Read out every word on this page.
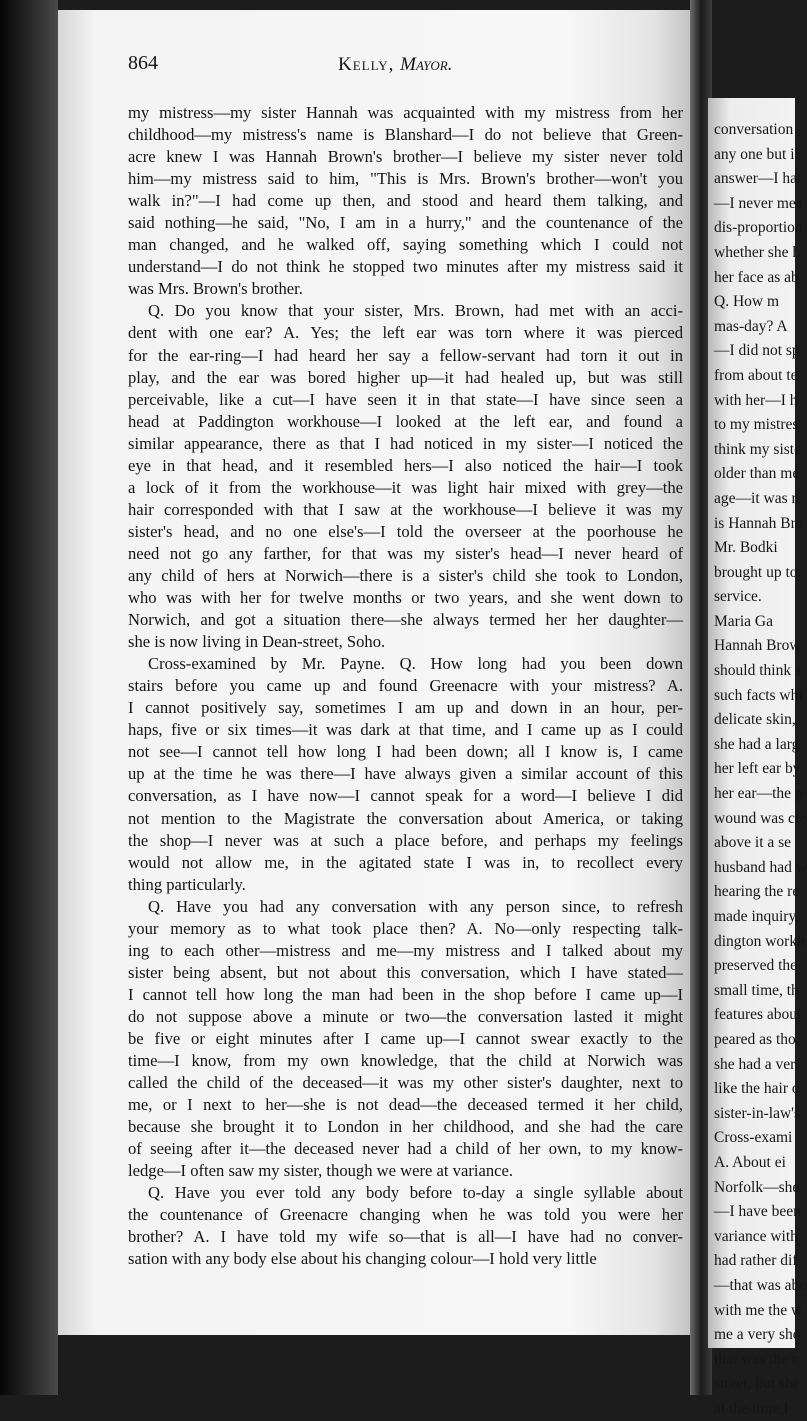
864	Kelly, Mayor.
my mistress—my sister Hannah was acquainted with my mistress from her
childhood—my mistress's name is Blanshard—I do not believe that Green-
acre knew I was Hannah Brown's brother—I believe my sister never told
him—my mistress said to him, "This is Mrs. Brown's brother—won't you
walk in?"—I had come up then, and stood and heard them talking, and
said nothing—he said, "No, I am in a hurry," and the countenance of the
man changed, and he walked off, saying something which I could not
understand—I do not think he stopped two minutes after my mistress said it
was Mrs. Brown's brother.
Q. Do you know that your sister, Mrs. Brown, had met with an acci-
dent with one ear? A. Yes; the left ear was torn where it was pierced
for the ear-ring—I had heard her say a fellow-servant had torn it out in
play, and the ear was bored higher up—it had healed up, but was still
perceivable, like a cut—I have seen it in that state—I have since seen a
head at Paddington workhouse—I looked at the left ear, and found a
similar appearance, there as that I had noticed in my sister—I noticed the
eye in that head, and it resembled hers—I also noticed the hair—I took
a lock of it from the workhouse—it was light hair mixed with grey—the
hair corresponded with that I saw at the workhouse—I believe it was my
sister's head, and no one else's—I told the overseer at the poorhouse he
need not go any farther, for that was my sister's head—I never heard of
any child of hers at Norwich—there is a sister's child she took to London,
who was with her for twelve months or two years, and she went down to
Norwich, and got a situation there—she always termed her her daughter—
she is now living in Dean-street, Soho.
Cross-examined by Mr. Payne. Q. How long had you been down
stairs before you came up and found Greenacre with your mistress? A.
I cannot positively say, sometimes I am up and down in an hour, per-
haps, five or six times—it was dark at that time, and I came up as I could
not see—I cannot tell how long I had been down; all I know is, I came
up at the time he was there—I have always given a similar account of this
conversation, as I have now—I cannot speak for a word—I believe I did
not mention to the Magistrate the conversation about America, or taking
the shop—I never was at such a place before, and perhaps my feelings
would not allow me, in the agitated state I was in, to recollect every
thing particularly.
Q. Have you had any conversation with any person since, to refresh
your memory as to what took place then? A. No—only respecting talk-
ing to each other—mistress and me—my mistress and I talked about my
sister being absent, but not about this conversation, which I have stated—
I cannot tell how long the man had been in the shop before I came up—I
do not suppose above a minute or two—the conversation lasted it might
be five or eight minutes after I came up—I cannot swear exactly to the
time—I know, from my own knowledge, that the child at Norwich was
called the child of the deceased—it was my other sister's daughter, next to
me, or I next to her—she is not dead—the deceased termed it her child,
because she brought it to London in her childhood, and she had the care
of seeing after it—the deceased never had a child of her own, to my know-
ledge—I often saw my sister, though we were at variance.
Q. Have you ever told any body before to-day a single syllable about
the countenance of Greenacre changing when he was told you were her
brother? A. I have told my wife so—that is all—I have had no conver-
sation with any body else about his changing colour—I hold very little
conversation
any one but i
answer—I ha
—I never mea
dis-proportion
whether she h
her face as ab
Q. How m
mas-day? A
—I did not sp
from about te
with her—I h
to my mistres
think my siste
older than me
age—it was n
is Hannah Bro
Mr. Bodki
brought up to
service.
Maria Ga
Hannah Brow
should think s
such facts whi
delicate skin,
she had a larg
her left ear by
her ear—the p
wound was clo
above it a se
husband had w
hearing the re
made inquiry,
dington workh
preserved the
small time, th
features about
peared as tho
she had a ver
like the hair o
sister-in-law's
Cross-exami
A. About ei
Norfolk—she
—I have been
variance with
had rather dif
—that was abo
with me the w
me a very sho
that was the r
street, but she
at the time I
